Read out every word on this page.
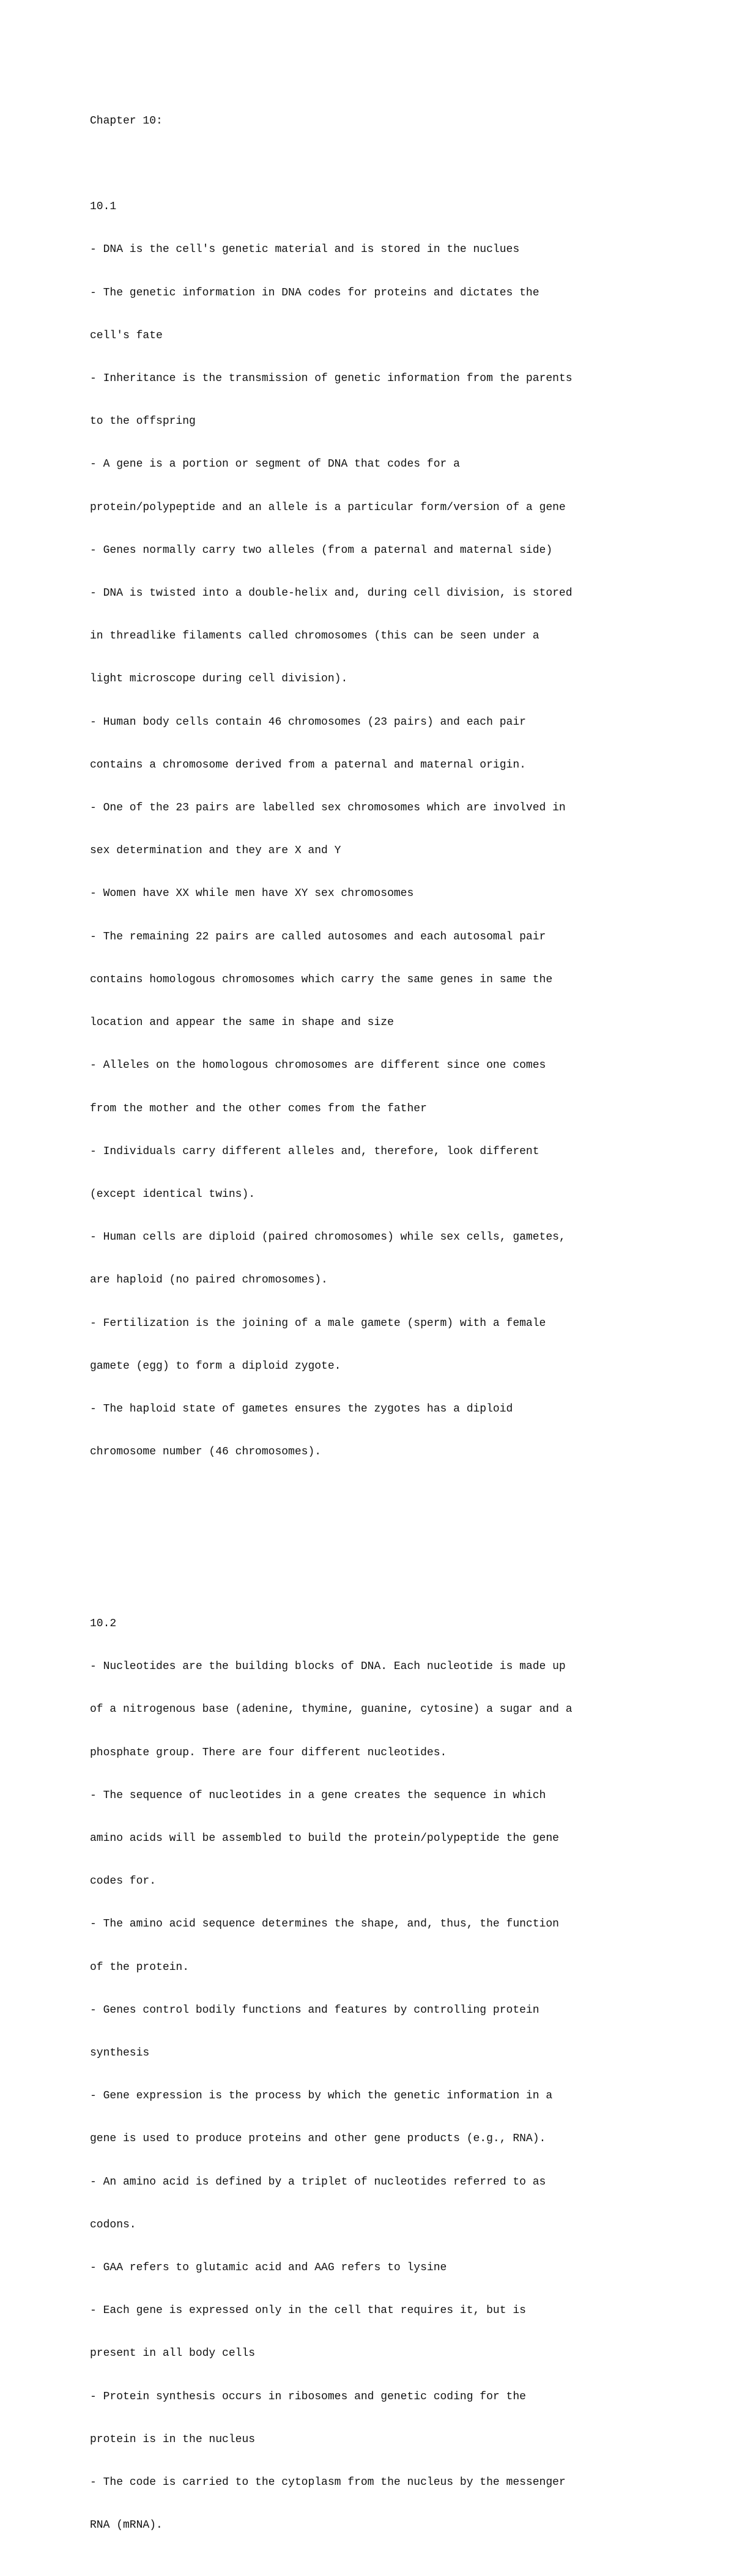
Chapter 10:

10.1

- DNA is the cell's genetic material and is stored in the nuclues

- The genetic information in DNA codes for proteins and dictates the

cell's fate

- Inheritance is the transmission of genetic information from the parents

to the offspring

- A gene is a portion or segment of DNA that codes for a

protein/polypeptide and an allele is a particular form/version of a gene

- Genes normally carry two alleles (from a paternal and maternal side)

- DNA is twisted into a double-helix and, during cell division, is stored

in threadlike filaments called chromosomes (this can be seen under a

light microscope during cell division).

- Human body cells contain 46 chromosomes (23 pairs) and each pair

contains a chromosome derived from a paternal and maternal origin.

- One of the 23 pairs are labelled sex chromosomes which are involved in

sex determination and they are X and Y

- Women have XX while men have XY sex chromosomes

- The remaining 22 pairs are called autosomes and each autosomal pair

contains homologous chromosomes which carry the same genes in same the

location and appear the same in shape and size

- Alleles on the homologous chromosomes are different since one comes

from the mother and the other comes from the father

- Individuals carry different alleles and, therefore, look different

(except identical twins).

- Human cells are diploid (paired chromosomes) while sex cells, gametes,

are haploid (no paired chromosomes).

- Fertilization is the joining of a male gamete (sperm) with a female

gamete (egg) to form a diploid zygote.

- The haploid state of gametes ensures the zygotes has a diploid

chromosome number (46 chromosomes).

10.2

- Nucleotides are the building blocks of DNA. Each nucleotide is made up

of a nitrogenous base (adenine, thymine, guanine, cytosine) a sugar and a

phosphate group. There are four different nucleotides.

- The sequence of nucleotides in a gene creates the sequence in which

amino acids will be assembled to build the protein/polypeptide the gene

codes for.

- The amino acid sequence determines the shape, and, thus, the function

of the protein.

- Genes control bodily functions and features by controlling protein

synthesis

- Gene expression is the process by which the genetic information in a

gene is used to produce proteins and other gene products (e.g., RNA).

- An amino acid is defined by a triplet of nucleotides referred to as

codons.

- GAA refers to glutamic acid and AAG refers to lysine

- Each gene is expressed only in the cell that requires it, but is

present in all body cells

- Protein synthesis occurs in ribosomes and genetic coding for the

protein is in the nucleus

- The code is carried to the cytoplasm from the nucleus by the messenger

RNA (mRNA).
